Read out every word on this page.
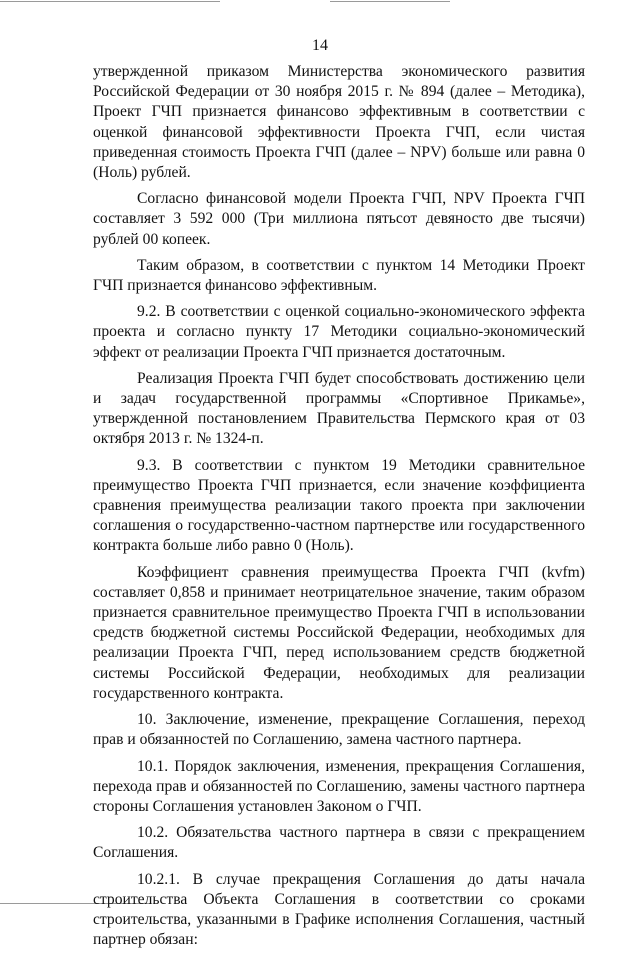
14

утвержденной приказом Министерства экономического развития Российской Федерации от 30 ноября 2015 г. № 894 (далее – Методика), Проект ГЧП признается финансово эффективным в соответствии с оценкой финансовой эффективности Проекта ГЧП, если чистая приведенная стоимость Проекта ГЧП (далее – NPV) больше или равна 0 (Ноль) рублей.

Согласно финансовой модели Проекта ГЧП, NPV Проекта ГЧП составляет 3 592 000 (Три миллиона пятьсот девяносто две тысячи) рублей 00 копеек.

Таким образом, в соответствии с пунктом 14 Методики Проект ГЧП признается финансово эффективным.

9.2. В соответствии с оценкой социально-экономического эффекта проекта и согласно пункту 17 Методики социально-экономический эффект от реализации Проекта ГЧП признается достаточным.

Реализация Проекта ГЧП будет способствовать достижению цели и задач государственной программы «Спортивное Прикамье», утвержденной постановлением Правительства Пермского края от 03 октября 2013 г. № 1324-п.

9.3. В соответствии с пунктом 19 Методики сравнительное преимущество Проекта ГЧП признается, если значение коэффициента сравнения преимущества реализации такого проекта при заключении соглашения о государственно-частном партнерстве или государственного контракта больше либо равно 0 (Ноль).

Коэффициент сравнения преимущества Проекта ГЧП (kvfm) составляет 0,858 и принимает неотрицательное значение, таким образом признается сравнительное преимущество Проекта ГЧП в использовании средств бюджетной системы Российской Федерации, необходимых для реализации Проекта ГЧП, перед использованием средств бюджетной системы Российской Федерации, необходимых для реализации государственного контракта.

10. Заключение, изменение, прекращение Соглашения, переход прав и обязанностей по Соглашению, замена частного партнера.

10.1. Порядок заключения, изменения, прекращения Соглашения, перехода прав и обязанностей по Соглашению, замены частного партнера стороны Соглашения установлен Законом о ГЧП.

10.2. Обязательства частного партнера в связи с прекращением Соглашения.

10.2.1. В случае прекращения Соглашения до даты начала строительства Объекта Соглашения в соответствии со сроками строительства, указанными в Графике исполнения Соглашения, частный партнер обязан:
